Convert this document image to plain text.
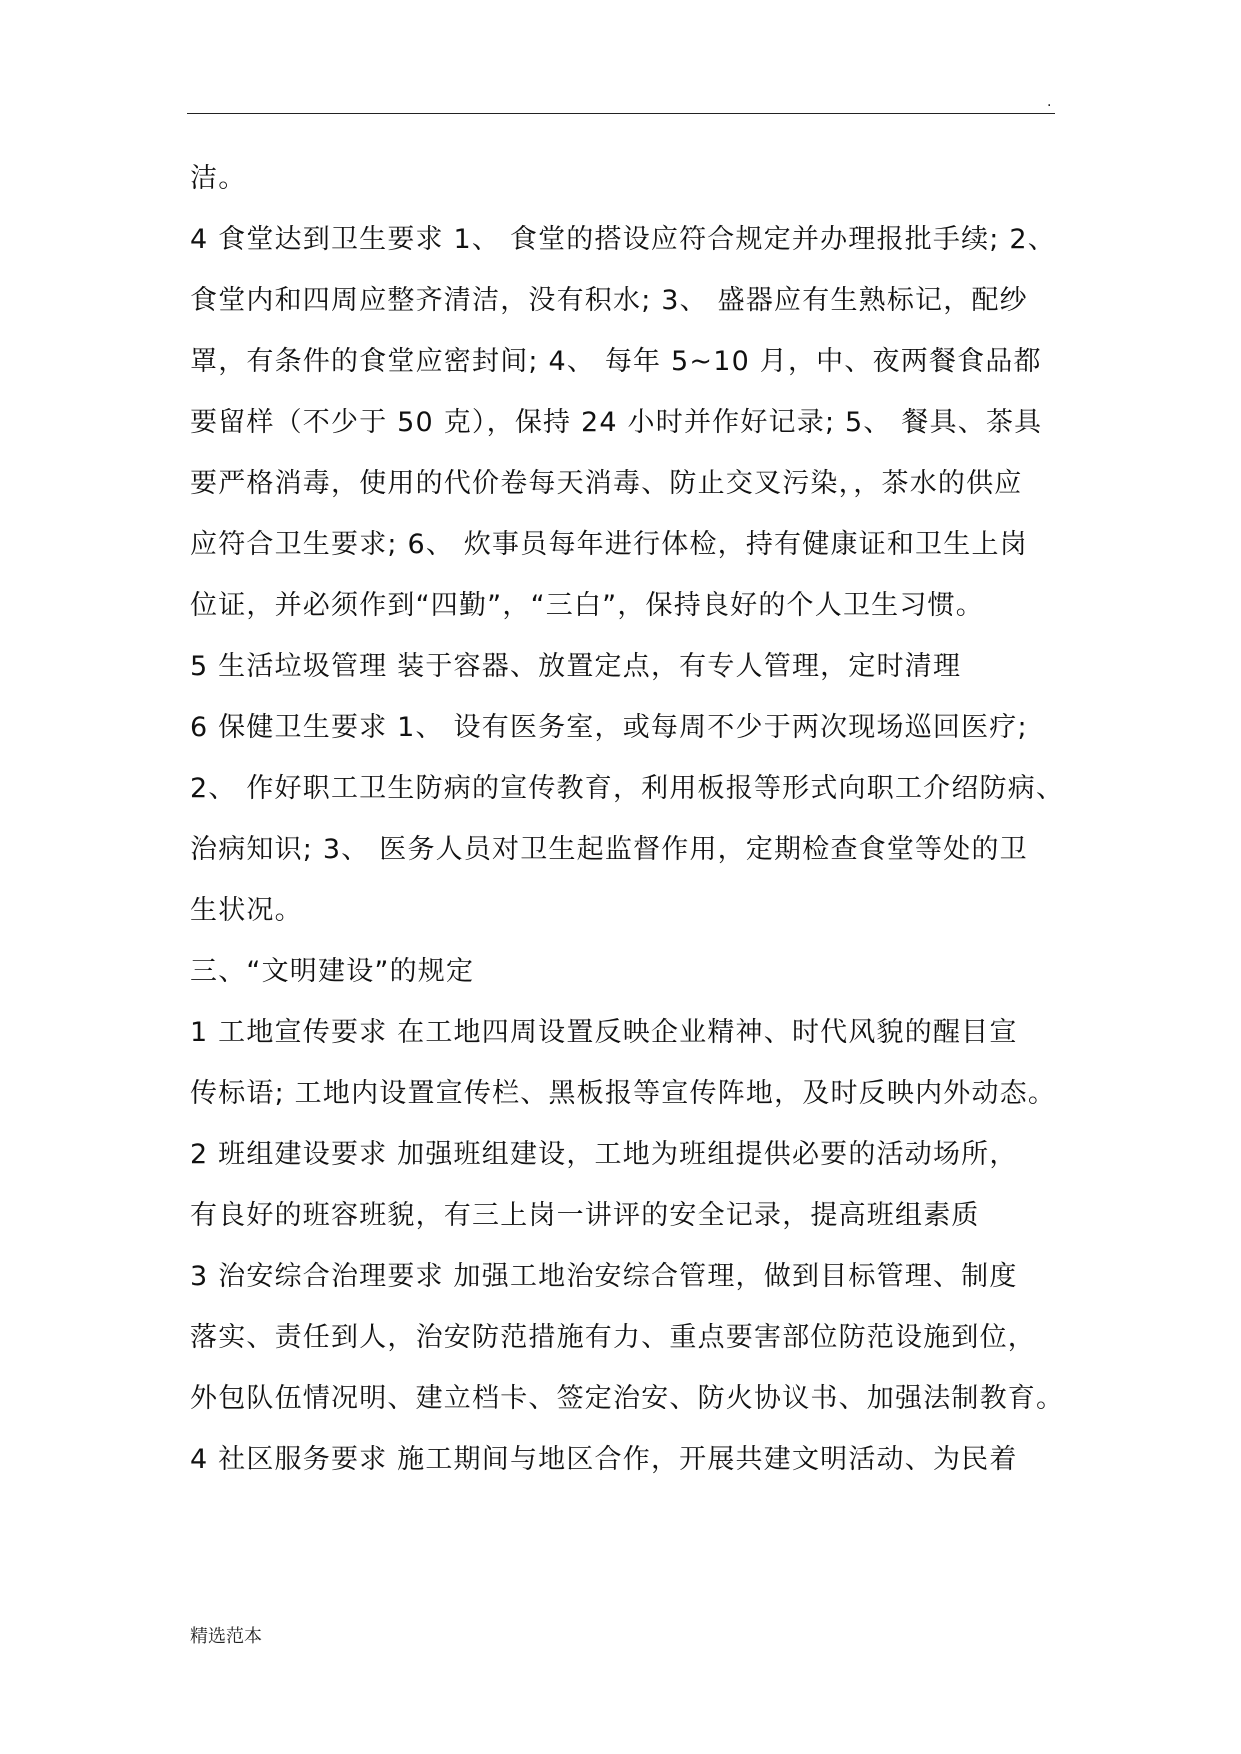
.
洁。
4 食堂达到卫生要求 1、 食堂的搭设应符合规定并办理报批手续; 2、
食堂内和四周应整齐清洁，没有积水; 3、 盛器应有生熟标记，配纱
罩，有条件的食堂应密封间; 4、 每年 5~10 月，中、夜两餐食品都
要留样（不少于 50 克），保持 24 小时并作好记录; 5、 餐具、茶具
要严格消毒，使用的代价卷每天消毒、防止交叉污染，，茶水的供应
应符合卫生要求; 6、 炊事员每年进行体检，持有健康证和卫生上岗
位证，并必须作到“四勤”，“三白”，保持良好的个人卫生习惯。
5 生活垃圾管理 装于容器、放置定点，有专人管理，定时清理
6 保健卫生要求 1、 设有医务室，或每周不少于两次现场巡回医疗;
2、 作好职工卫生防病的宣传教育，利用板报等形式向职工介绍防病、
治病知识; 3、 医务人员对卫生起监督作用，定期检查食堂等处的卫
生状况。
三、“文明建设”的规定
1 工地宣传要求 在工地四周设置反映企业精神、时代风貌的醒目宣
传标语; 工地内设置宣传栏、黑板报等宣传阵地，及时反映内外动态。
2 班组建设要求 加强班组建设，工地为班组提供必要的活动场所，
有良好的班容班貌，有三上岗一讲评的安全记录，提高班组素质
3 治安综合治理要求 加强工地治安综合管理，做到目标管理、制度
落实、责任到人，治安防范措施有力、重点要害部位防范设施到位，
外包队伍情况明、建立档卡、签定治安、防火协议书、加强法制教育。
4 社区服务要求 施工期间与地区合作，开展共建文明活动、为民着
精选范本
